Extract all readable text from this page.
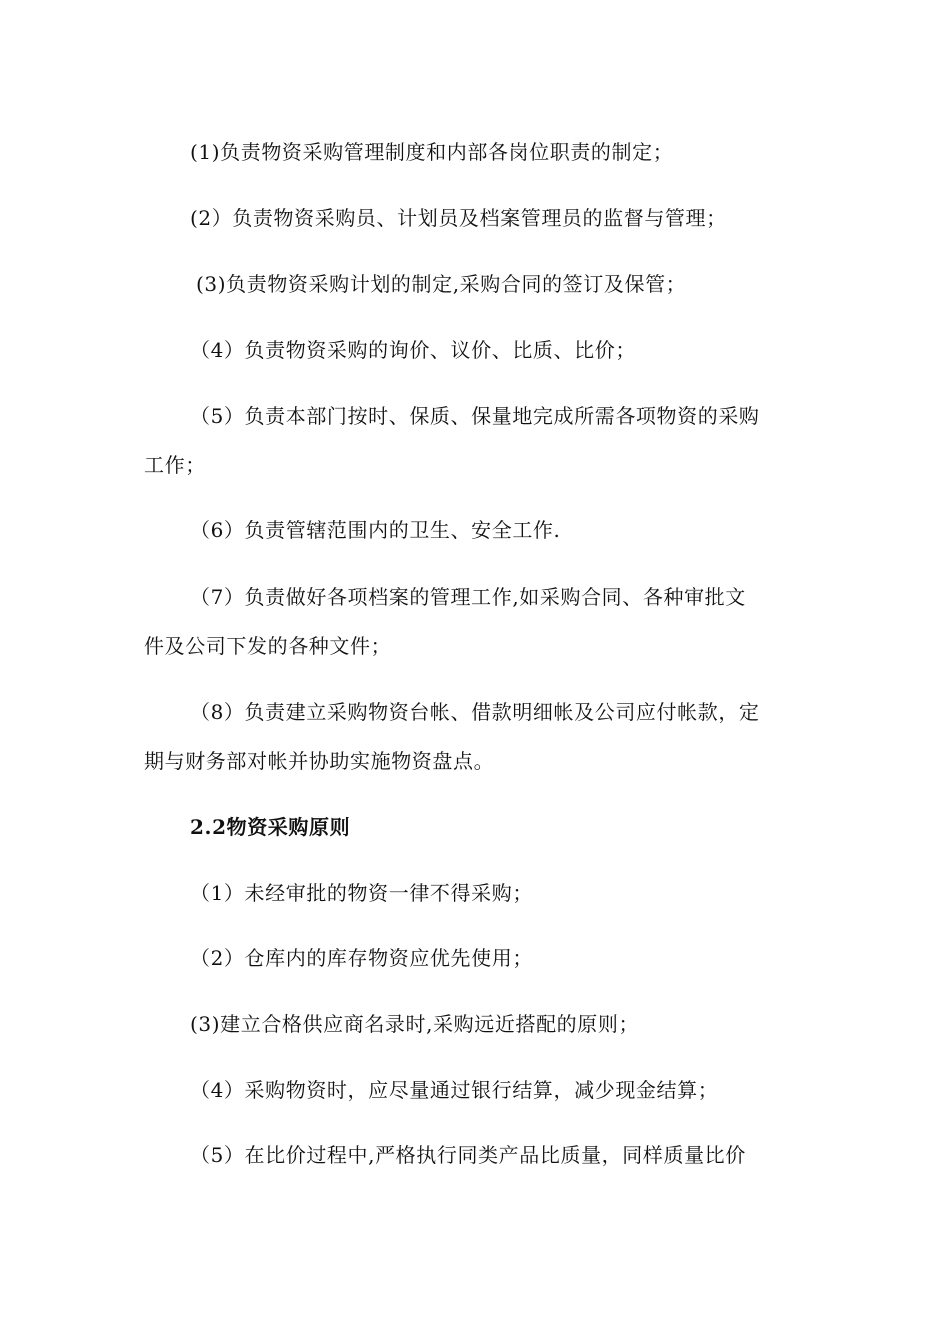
(1)负责物资采购管理制度和内部各岗位职责的制定；
(2）负责物资采购员、计划员及档案管理员的监督与管理；
(3)负责物资采购计划的制定,采购合同的签订及保管；
（4）负责物资采购的询价、议价、比质、比价；
（5）负责本部门按时、保质、保量地完成所需各项物资的采购
工作；
（6）负责管辖范围内的卫生、安全工作.
（7）负责做好各项档案的管理工作,如采购合同、各种审批文
件及公司下发的各种文件；
（8）负责建立采购物资台帐、借款明细帐及公司应付帐款，定
期与财务部对帐并协助实施物资盘点。
2.2物资采购原则
（1）未经审批的物资一律不得采购；
（2）仓库内的库存物资应优先使用；
(3)建立合格供应商名录时,采购远近搭配的原则；
（4）采购物资时，应尽量通过银行结算，减少现金结算；
（5）在比价过程中,严格执行同类产品比质量，同样质量比价
